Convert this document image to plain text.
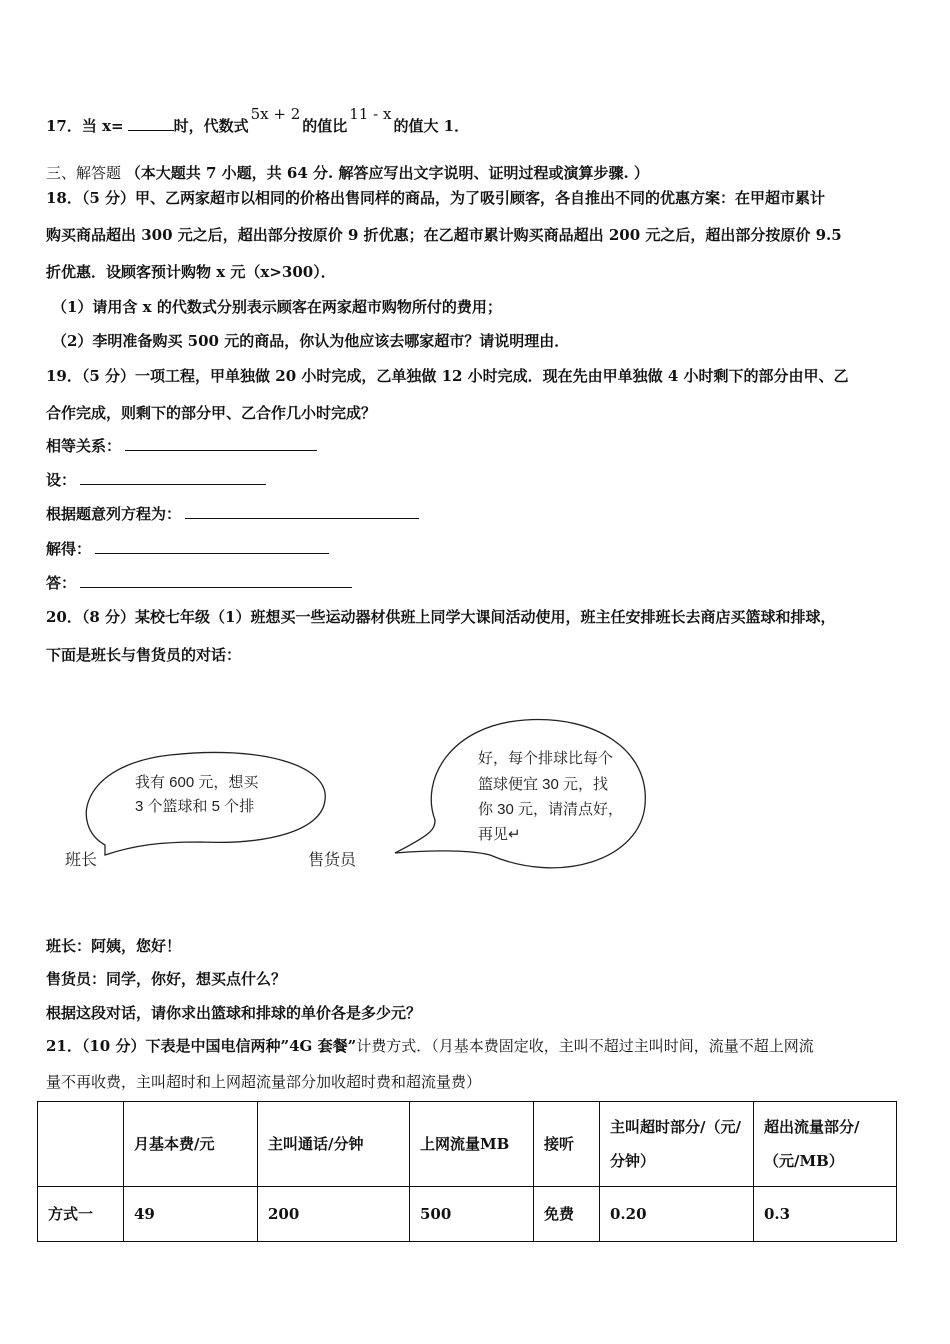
17．当 x=	时，代数式5x + 2的值比11 - x的值大 1．
三、解答题 （本大题共 7 小题，共 64 分. 解答应写出文字说明、证明过程或演算步骤. ）
18．（5 分）甲、乙两家超市以相同的价格出售同样的商品，为了吸引顾客，各自推出不同的优惠方案：在甲超市累计
购买商品超出 300 元之后，超出部分按原价 9 折优惠；在乙超市累计购买商品超出 200 元之后，超出部分按原价 9.5
折优惠．设顾客预计购物 x 元（x>300）．
（1）请用含 x 的代数式分别表示顾客在两家超市购物所付的费用；
（2）李明准备购买 500 元的商品，你认为他应该去哪家超市？请说明理由．
19．（5 分）一项工程，甲单独做 20 小时完成，乙单独做 12 小时完成．现在先由甲单独做 4 小时剩下的部分由甲、乙
合作完成，则剩下的部分甲、乙合作几小时完成？
相等关系：
设：
根据题意列方程为：
解得：
答：
20．（8 分）某校七年级（1）班想买一些运动器材供班上同学大课间活动使用，班主任安排班长去商店买篮球和排球，
下面是班长与售货员的对话：
我有 600 元，想买
3 个篮球和 5 个排
好，每个排球比每个
篮球便宜 30 元，找
你 30 元，请清点好，
再见↵
班长	售货员
班长：阿姨，您好！
售货员：同学，你好，想买点什么？
根据这段对话，请你求出篮球和排球的单价各是多少元？
21．（10 分）下表是中国电信两种”4G 套餐”计费方式．（月基本费固定收，主叫不超过主叫时间，流量不超上网流
量不再收费，主叫超时和上网超流量部分加收超时费和超流量费）
	月基本费/元	主叫通话/分钟	上网流量MB	接听	主叫超时部分/（元/分钟）	超出流量部分/（元/MB）
方式一	49	200	500	免费	0.20	0.3
